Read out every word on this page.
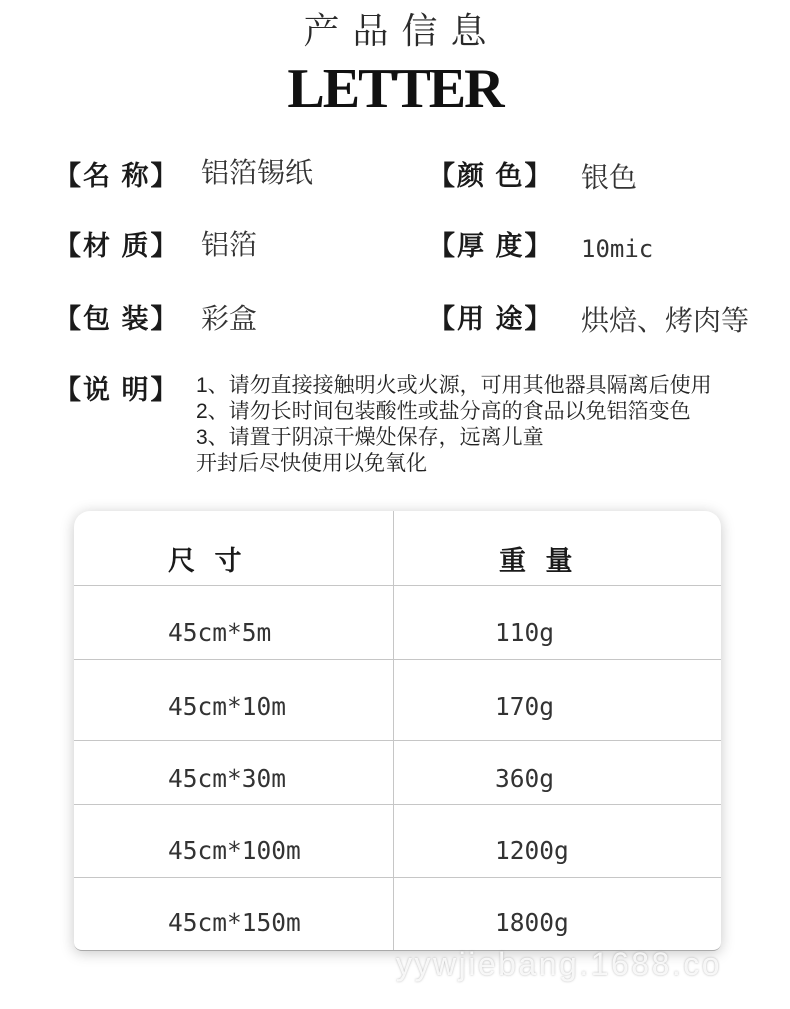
产品信息
LETTER
【名 称】 铝箔锡纸	【颜 色】 银色
【材 质】 铝箔	【厚 度】 10mic
【包 装】 彩盒	【用 途】 烘焙、烤肉等
【说 明】 1、请勿直接接触明火或火源，可用其他器具隔离后使用
2、请勿长时间包装酸性或盐分高的食品以免铝箔变色
3、请置于阴凉干燥处保存，远离儿童
开封后尽快使用以免氧化
尺 寸	重 量
45cm*5m	110g
45cm*10m	170g
45cm*30m	360g
45cm*100m	1200g
45cm*150m	1800g
yywjiebang.1688.co
